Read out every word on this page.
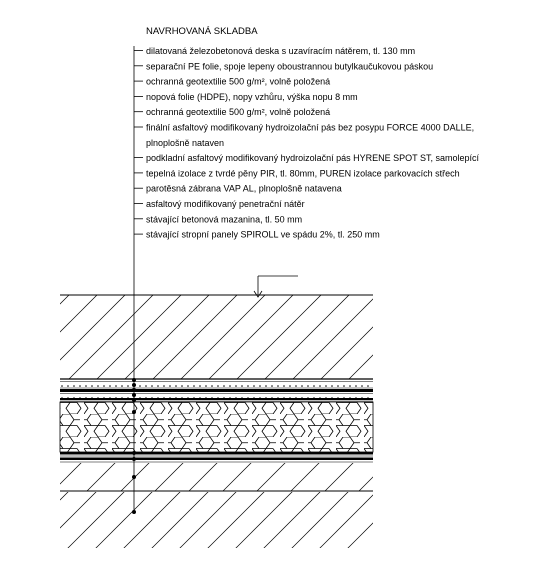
NAVRHOVANÁ SKLADBA
dilatovaná železobetonová deska s uzavíracím nátěrem, tl. 130 mm
separační PE folie, spoje lepeny oboustrannou butylkaučukovou páskou
ochranná geotextilie 500 g/m², volně položená
nopová folie (HDPE), nopy vzhůru, výška nopu 8 mm
ochranná geotextilie 500 g/m², volně položená
finální asfaltový modifikovaný hydroizolační pás bez posypu FORCE 4000 DALLE,
plnoplošně nataven
podkladní asfaltový modifikovaný hydroizolační pás HYRENE SPOT ST, samolepící
tepelná izolace z tvrdé pěny PIR, tl. 80mm, PUREN izolace parkovacích střech
parotěsná zábrana VAP AL, plnoplošně natavena
asfaltový modifikovaný penetrační nátěr
stávající betonová mazanina, tl. 50 mm
stávající stropní panely SPIROLL ve spádu 2%, tl. 250 mm
